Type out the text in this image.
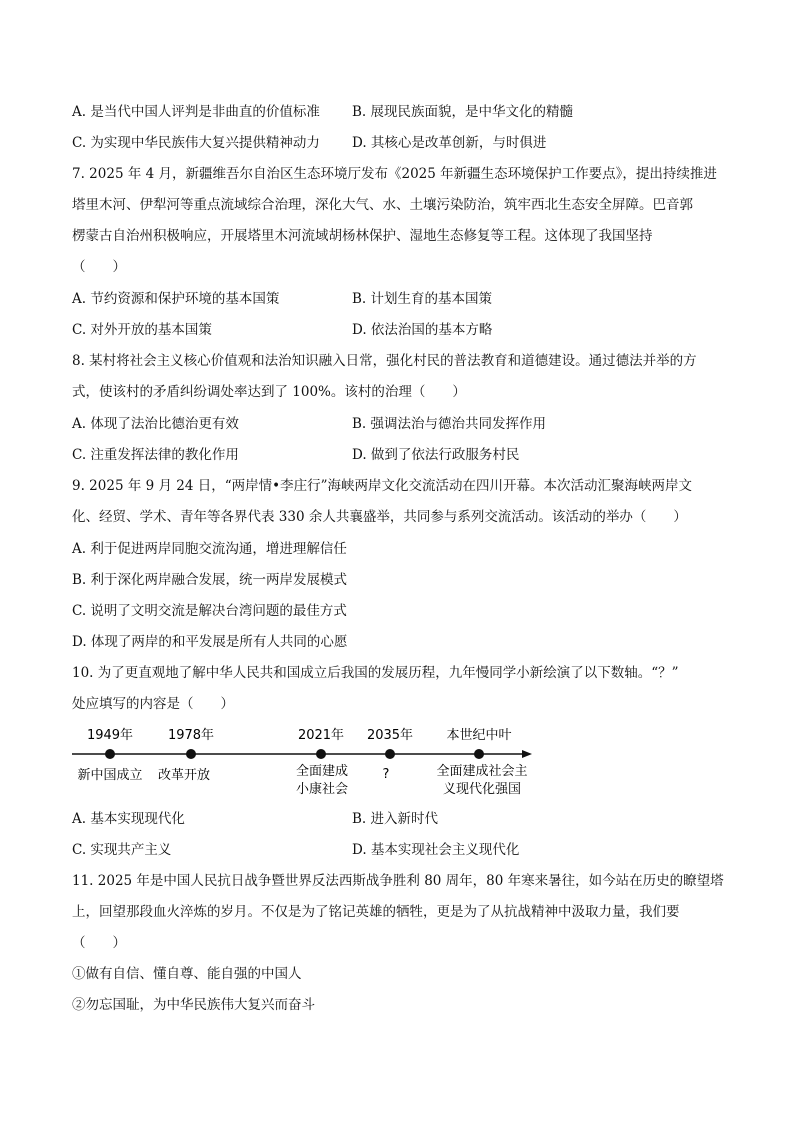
A. 是当代中国人评判是非曲直的价值标准 B. 展现民族面貌，是中华文化的精髓
C. 为实现中华民族伟大复兴提供精神动力 D. 其核心是改革创新，与时俱进
7. 2025 年 4 月，新疆维吾尔自治区生态环境厅发布《2025 年新疆生态环境保护工作要点》，提出持续推进
塔里木河、伊犁河等重点流域综合治理，深化大气、水、土壤污染防治，筑牢西北生态安全屏障。巴音郭
楞蒙古自治州积极响应，开展塔里木河流域胡杨林保护、湿地生态修复等工程。这体现了我国坚持
（　　）
A. 节约资源和保护环境的基本国策	B. 计划生育的基本国策
C. 对外开放的基本国策	D. 依法治国的基本方略
8. 某村将社会主义核心价值观和法治知识融入日常，强化村民的普法教育和道德建设。通过德法并举的方
式，使该村的矛盾纠纷调处率达到了 100%。该村的治理（　　）
A. 体现了法治比德治更有效	B. 强调法治与德治共同发挥作用
C. 注重发挥法律的教化作用	D. 做到了依法行政服务村民
9. 2025 年 9 月 24 日，“两岸情•李庄行”海峡两岸文化交流活动在四川开幕。本次活动汇聚海峡两岸文
化、经贸、学术、青年等各界代表 330 余人共襄盛举，共同参与系列交流活动。该活动的举办（　　）
A. 利于促进两岸同胞交流沟通，增进理解信任
B. 利于深化两岸融合发展，统一两岸发展模式
C. 说明了文明交流是解决台湾问题的最佳方式
D. 体现了两岸的和平发展是所有人共同的心愿
10. 为了更直观地了解中华人民共和国成立后我国的发展历程，九年慢同学小新绘演了以下数轴。“？”
处应填写的内容是（　　）
1949年
新中国成立
1978年
改革开放
2021年
全面建成
小康社会
2035年
?
本世纪中叶
全面建成社会主
义现代化强国
A. 基本实现现代化	B. 进入新时代
C. 实现共产主义	D. 基本实现社会主义现代化
11. 2025 年是中国人民抗日战争暨世界反法西斯战争胜利 80 周年，80 年寒来暑往，如今站在历史的瞭望塔
上，回望那段血火淬炼的岁月。不仅是为了铭记英雄的牺牲，更是为了从抗战精神中汲取力量，我们要
（　　）
①做有自信、懂自尊、能自强的中国人
②勿忘国耻，为中华民族伟大复兴而奋斗
